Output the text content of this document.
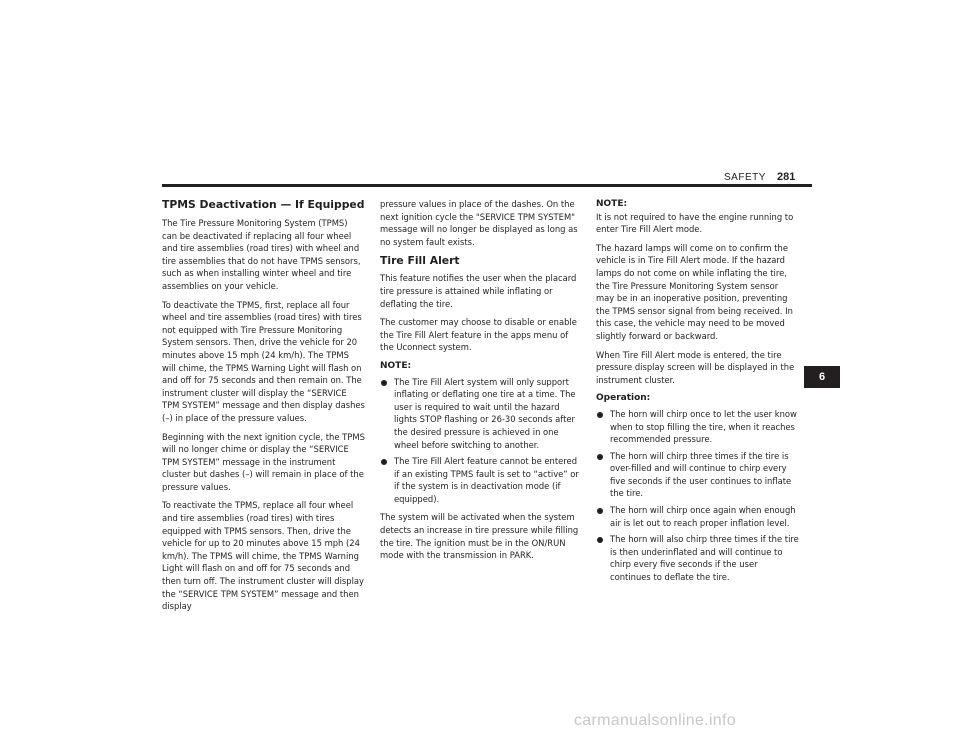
SAFETY 281
TPMS Deactivation — If Equipped

The Tire Pressure Monitoring System (TPMS) can be deactivated if replacing all four wheel and tire assemblies (road tires) with wheel and tire assemblies that do not have TPMS sensors, such as when installing winter wheel and tire assemblies on your vehicle.

To deactivate the TPMS, first, replace all four wheel and tire assemblies (road tires) with tires not equipped with Tire Pressure Monitoring System sensors. Then, drive the vehicle for 20 minutes above 15 mph (24 km/h). The TPMS will chime, the TPMS Warning Light will flash on and off for 75 seconds and then remain on. The instrument cluster will display the “SERVICE TPM SYSTEM” message and then display dashes (–) in place of the pressure values.

Beginning with the next ignition cycle, the TPMS will no longer chime or display the “SERVICE TPM SYSTEM” message in the instrument cluster but dashes (–) will remain in place of the pressure values.

To reactivate the TPMS, replace all four wheel and tire assemblies (road tires) with tires equipped with TPMS sensors. Then, drive the vehicle for up to 20 minutes above 15 mph (24 km/h). The TPMS will chime, the TPMS Warning Light will flash on and off for 75 seconds and then turn off. The instrument cluster will display the “SERVICE TPM SYSTEM” message and then display

pressure values in place of the dashes. On the next ignition cycle the "SERVICE TPM SYSTEM" message will no longer be displayed as long as no system fault exists.

Tire Fill Alert

This feature notifies the user when the placard tire pressure is attained while inflating or deflating the tire.

The customer may choose to disable or enable the Tire Fill Alert feature in the apps menu of the Uconnect system.

NOTE:
The Tire Fill Alert system will only support inflating or deflating one tire at a time. The user is required to wait until the hazard lights STOP flashing or 26-30 seconds after the desired pressure is achieved in one wheel before switching to another.
The Tire Fill Alert feature cannot be entered if an existing TPMS fault is set to “active” or if the system is in deactivation mode (if equipped).

The system will be activated when the system detects an increase in tire pressure while filling the tire. The ignition must be in the ON/RUN mode with the transmission in PARK.

NOTE:

It is not required to have the engine running to enter Tire Fill Alert mode.

The hazard lamps will come on to confirm the vehicle is in Tire Fill Alert mode. If the hazard lamps do not come on while inflating the tire, the Tire Pressure Monitoring System sensor may be in an inoperative position, preventing the TPMS sensor signal from being received. In this case, the vehicle may need to be moved slightly forward or backward.

When Tire Fill Alert mode is entered, the tire pressure display screen will be displayed in the instrument cluster.

Operation:
The horn will chirp once to let the user know when to stop filling the tire, when it reaches recommended pressure.
The horn will chirp three times if the tire is over-filled and will continue to chirp every five seconds if the user continues to inflate the tire.
The horn will chirp once again when enough air is let out to reach proper inflation level.
The horn will also chirp three times if the tire is then underinflated and will continue to chirp every five seconds if the user continues to deflate the tire.
6
carmanualsonline.info
